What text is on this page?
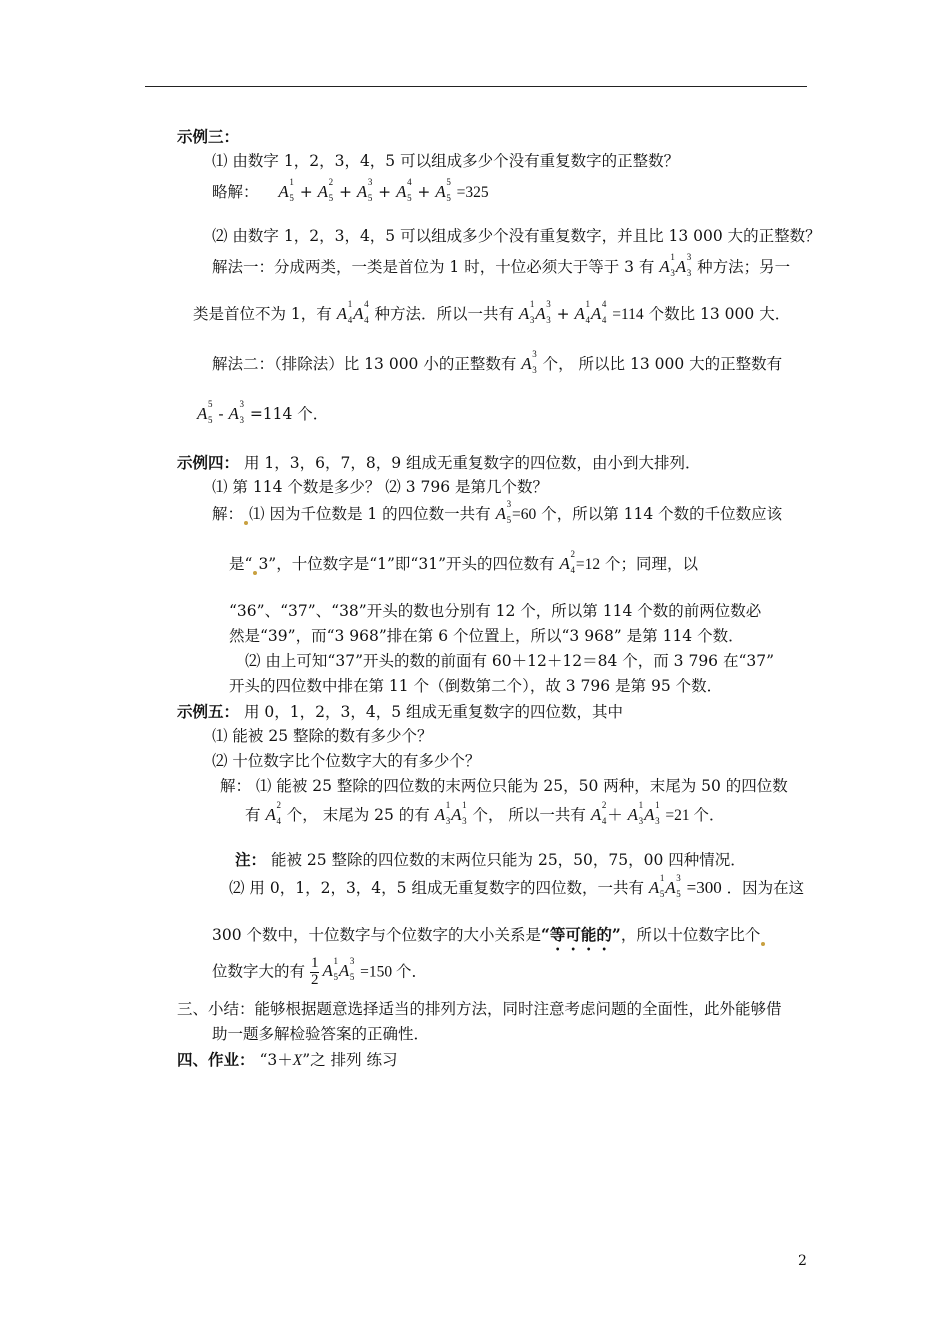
示例三：
⑴ 由数字 1，2，3，4，5 可以组成多少个没有重复数字的正整数？
略解： A 1
5 + A 2
5 + A 3
5 + A 4
5 + A 5
5 =325
⑵ 由数字 1，2，3，4，5 可以组成多少个没有重复数字，并且比 13 000 大的正整数？
解法一：分成两类，一类是首位为 1 时，十位必须大于等于 3 有 A 1
3 A 3
3 种方法；另一
类是首位不为 1，有 A 1
4 A 4
4 种方法．所以一共有 A 1
3 A 3
3 + A 1
4 A 4
4 =114 个数比 13 000 大．
解法二：（排除法）比 13 000 小的正整数有 A 3
3 个， 所以比 13 000 大的正整数有
A 5
5 - A 3
3 =114 个．
示例四： 用 1，3，6，7，8，9 组成无重复数字的四位数，由小到大排列．
⑴ 第 114 个数是多少？ ⑵ 3 796 是第几个数？
解： ⑴ 因为千位数是 1 的四位数一共有 A 3
5 =60 个，所以第 114 个数的千位数应该
是“ 3”，十位数字是“1”即“31”开头的四位数有 A 2
4 =12 个；同理，以
“36”、“37”、“38”开头的数也分别有 12 个，所以第 114 个数的前两位数必
然是“39”，而“3 968”排在第 6 个位置上，所以“3 968” 是第 114 个数．
⑵ 由上可知“37”开头的数的前面有 60＋12＋12＝84 个，而 3 796 在“37”
开头的四位数中排在第 11 个（倒数第二个），故 3 796 是第 95 个数．
示例五： 用 0，1，2，3，4，5 组成无重复数字的四位数，其中
⑴ 能被 25 整除的数有多少个？
⑵ 十位数字比个位数字大的有多少个？
解： ⑴ 能被 25 整除的四位数的末两位只能为 25，50 两种，末尾为 50 的四位数
有 A 2
4 个， 末尾为 25 的有 A 1
3 A 1
3 个， 所以一共有 A 2
4 ＋ A 1
3 A 1
3 =21 个．
注： 能被 25 整除的四位数的末两位只能为 25，50，75，00 四种情况．
⑵ 用 0，1，2，3，4，5 组成无重复数字的四位数，一共有 A 1
5 A 3
5 =300 ．因为在这
300 个数中，十位数字与个位数字的大小关系是“等可能的”，所以十位数字比个
位数字大的有 $\frac{1}{2}$ A 1
5 A 3
5 =150 个．
三、小结：能够根据题意选择适当的排列方法，同时注意考虑问题的全面性，此外能够借
助一题多解检验答案的正确性．
四、作业： “3＋X”之 排列 练习
2
